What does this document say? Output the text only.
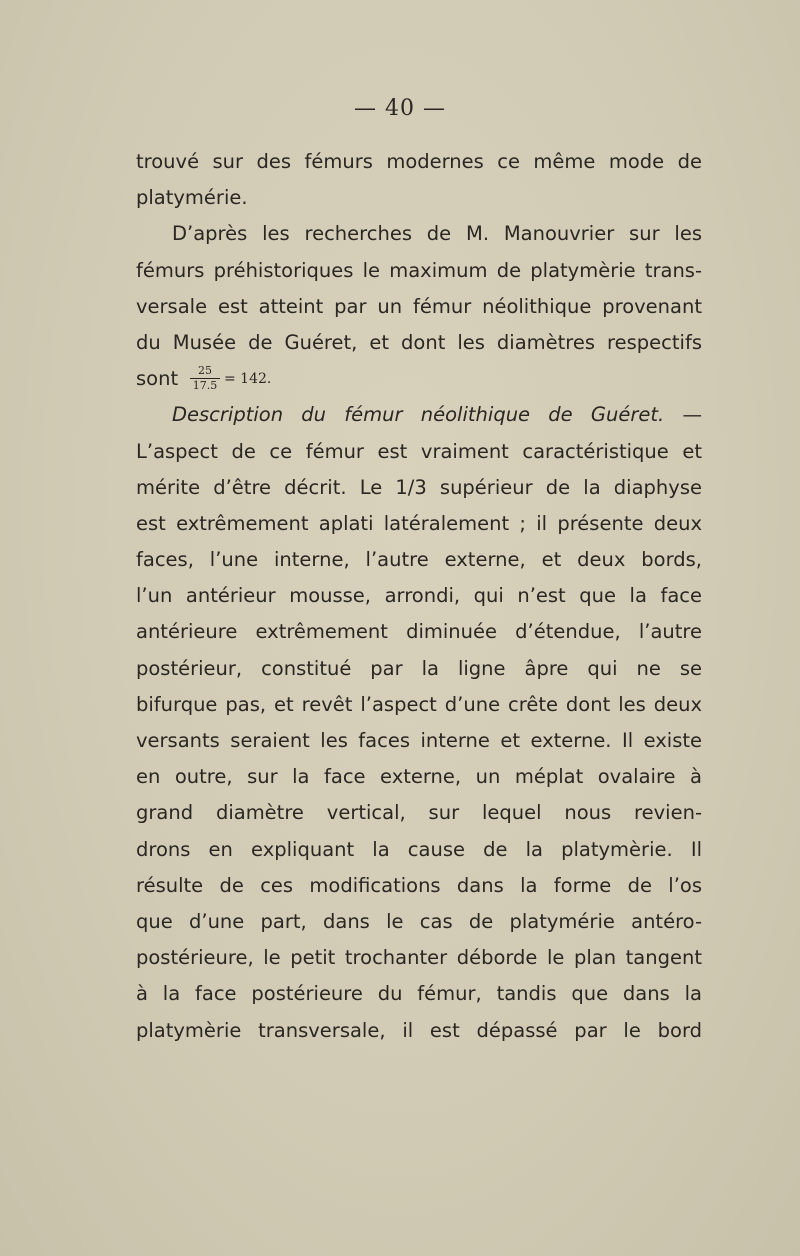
— 40 —
trouvé sur des fémurs modernes ce même mode de
platymérie.
D’après les recherches de M. Manouvrier sur les
fémurs préhistoriques le maximum de platymèrie trans-
versale est atteint par un fémur néolithique provenant
du Musée de Guéret, et dont les diamètres respectifs
sont $\frac{25}{17.5} = 142$.
Description du fémur néolithique de Guéret. —
L’aspect de ce fémur est vraiment caractéristique et
mérite d’être décrit. Le 1/3 supérieur de la diaphyse
est extrêmement aplati latéralement ; il présente deux
faces, l’une interne, l’autre externe, et deux bords,
l’un antérieur mousse, arrondi, qui n’est que la face
antérieure extrêmement diminuée d’étendue, l’autre
postérieur, constitué par la ligne âpre qui ne se
bifurque pas, et revêt l’aspect d’une crête dont les deux
versants seraient les faces interne et externe. Il existe
en outre, sur la face externe, un méplat ovalaire à
grand diamètre vertical, sur lequel nous revien-
drons en expliquant la cause de la platymèrie. Il
résulte de ces modifications dans la forme de l’os
que d’une part, dans le cas de platymérie antéro-
postérieure, le petit trochanter déborde le plan tangent
à la face postérieure du fémur, tandis que dans la
platymèrie transversale, il est dépassé par le bord
